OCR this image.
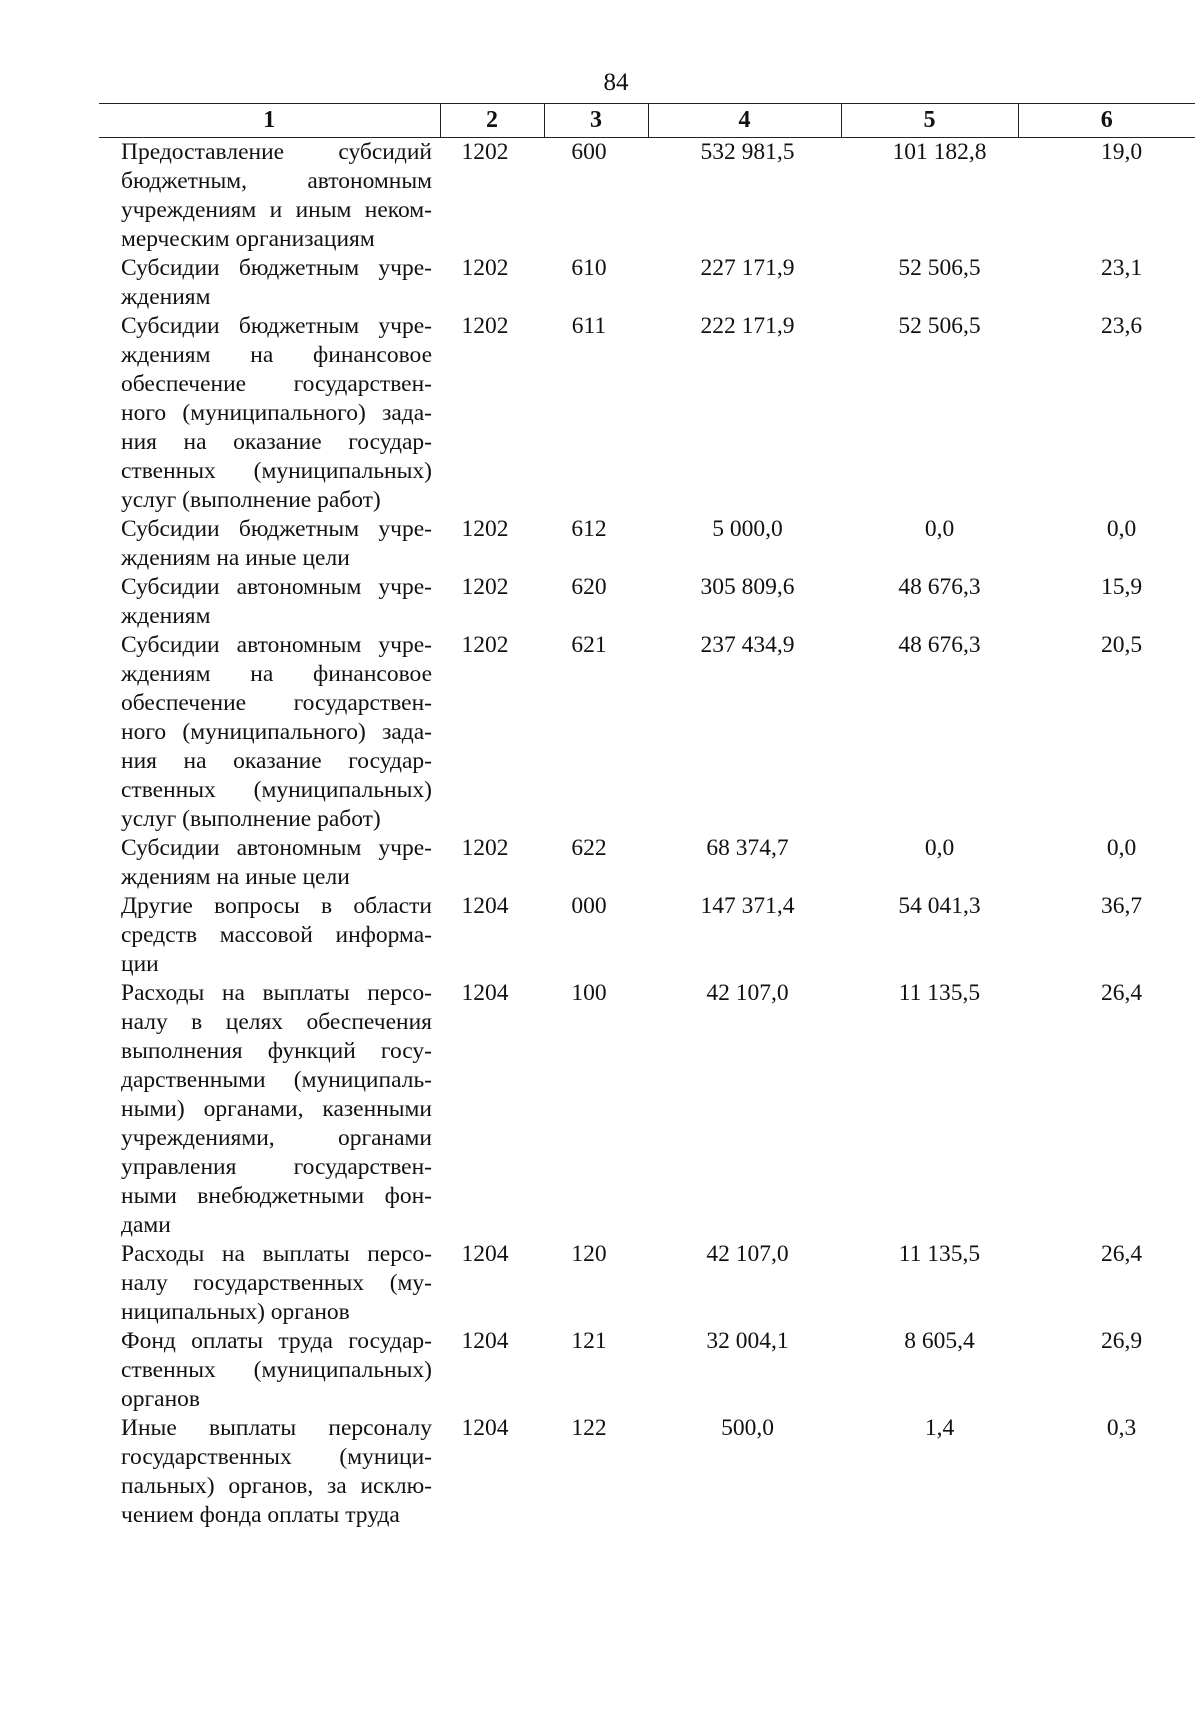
84
1	2	3	4	5	6
Предоставление субсидий бюджетным, автономным учреждениям и иным неком-мерческим организациям	1202	600	532 981,5	101 182,8	19,0
Субсидии бюджетным учре-ждениям	1202	610	227 171,9	52 506,5	23,1
Субсидии бюджетным учре-ждениям на финансовое обеспечение государствен-ного (муниципального) зада-ния на оказание государ-ственных (муниципальных) услуг (выполнение работ)	1202	611	222 171,9	52 506,5	23,6
Субсидии бюджетным учре-ждениям на иные цели	1202	612	5 000,0	0,0	0,0
Субсидии автономным учре-ждениям	1202	620	305 809,6	48 676,3	15,9
Субсидии автономным учре-ждениям на финансовое обеспечение государствен-ного (муниципального) зада-ния на оказание государ-ственных (муниципальных) услуг (выполнение работ)	1202	621	237 434,9	48 676,3	20,5
Субсидии автономным учре-ждениям на иные цели	1202	622	68 374,7	0,0	0,0
Другие вопросы в области средств массовой информа-ции	1204	000	147 371,4	54 041,3	36,7
Расходы на выплаты персо-налу в целях обеспечения выполнения функций госу-дарственными (муниципаль-ными) органами, казенными учреждениями, органами управления государствен-ными внебюджетными фон-дами	1204	100	42 107,0	11 135,5	26,4
Расходы на выплаты персо-налу государственных (му-ниципальных) органов	1204	120	42 107,0	11 135,5	26,4
Фонд оплаты труда государ-ственных (муниципальных) органов	1204	121	32 004,1	8 605,4	26,9
Иные выплаты персоналу государственных (муници-пальных) органов, за исклю-чением фонда оплаты труда	1204	122	500,0	1,4	0,3
